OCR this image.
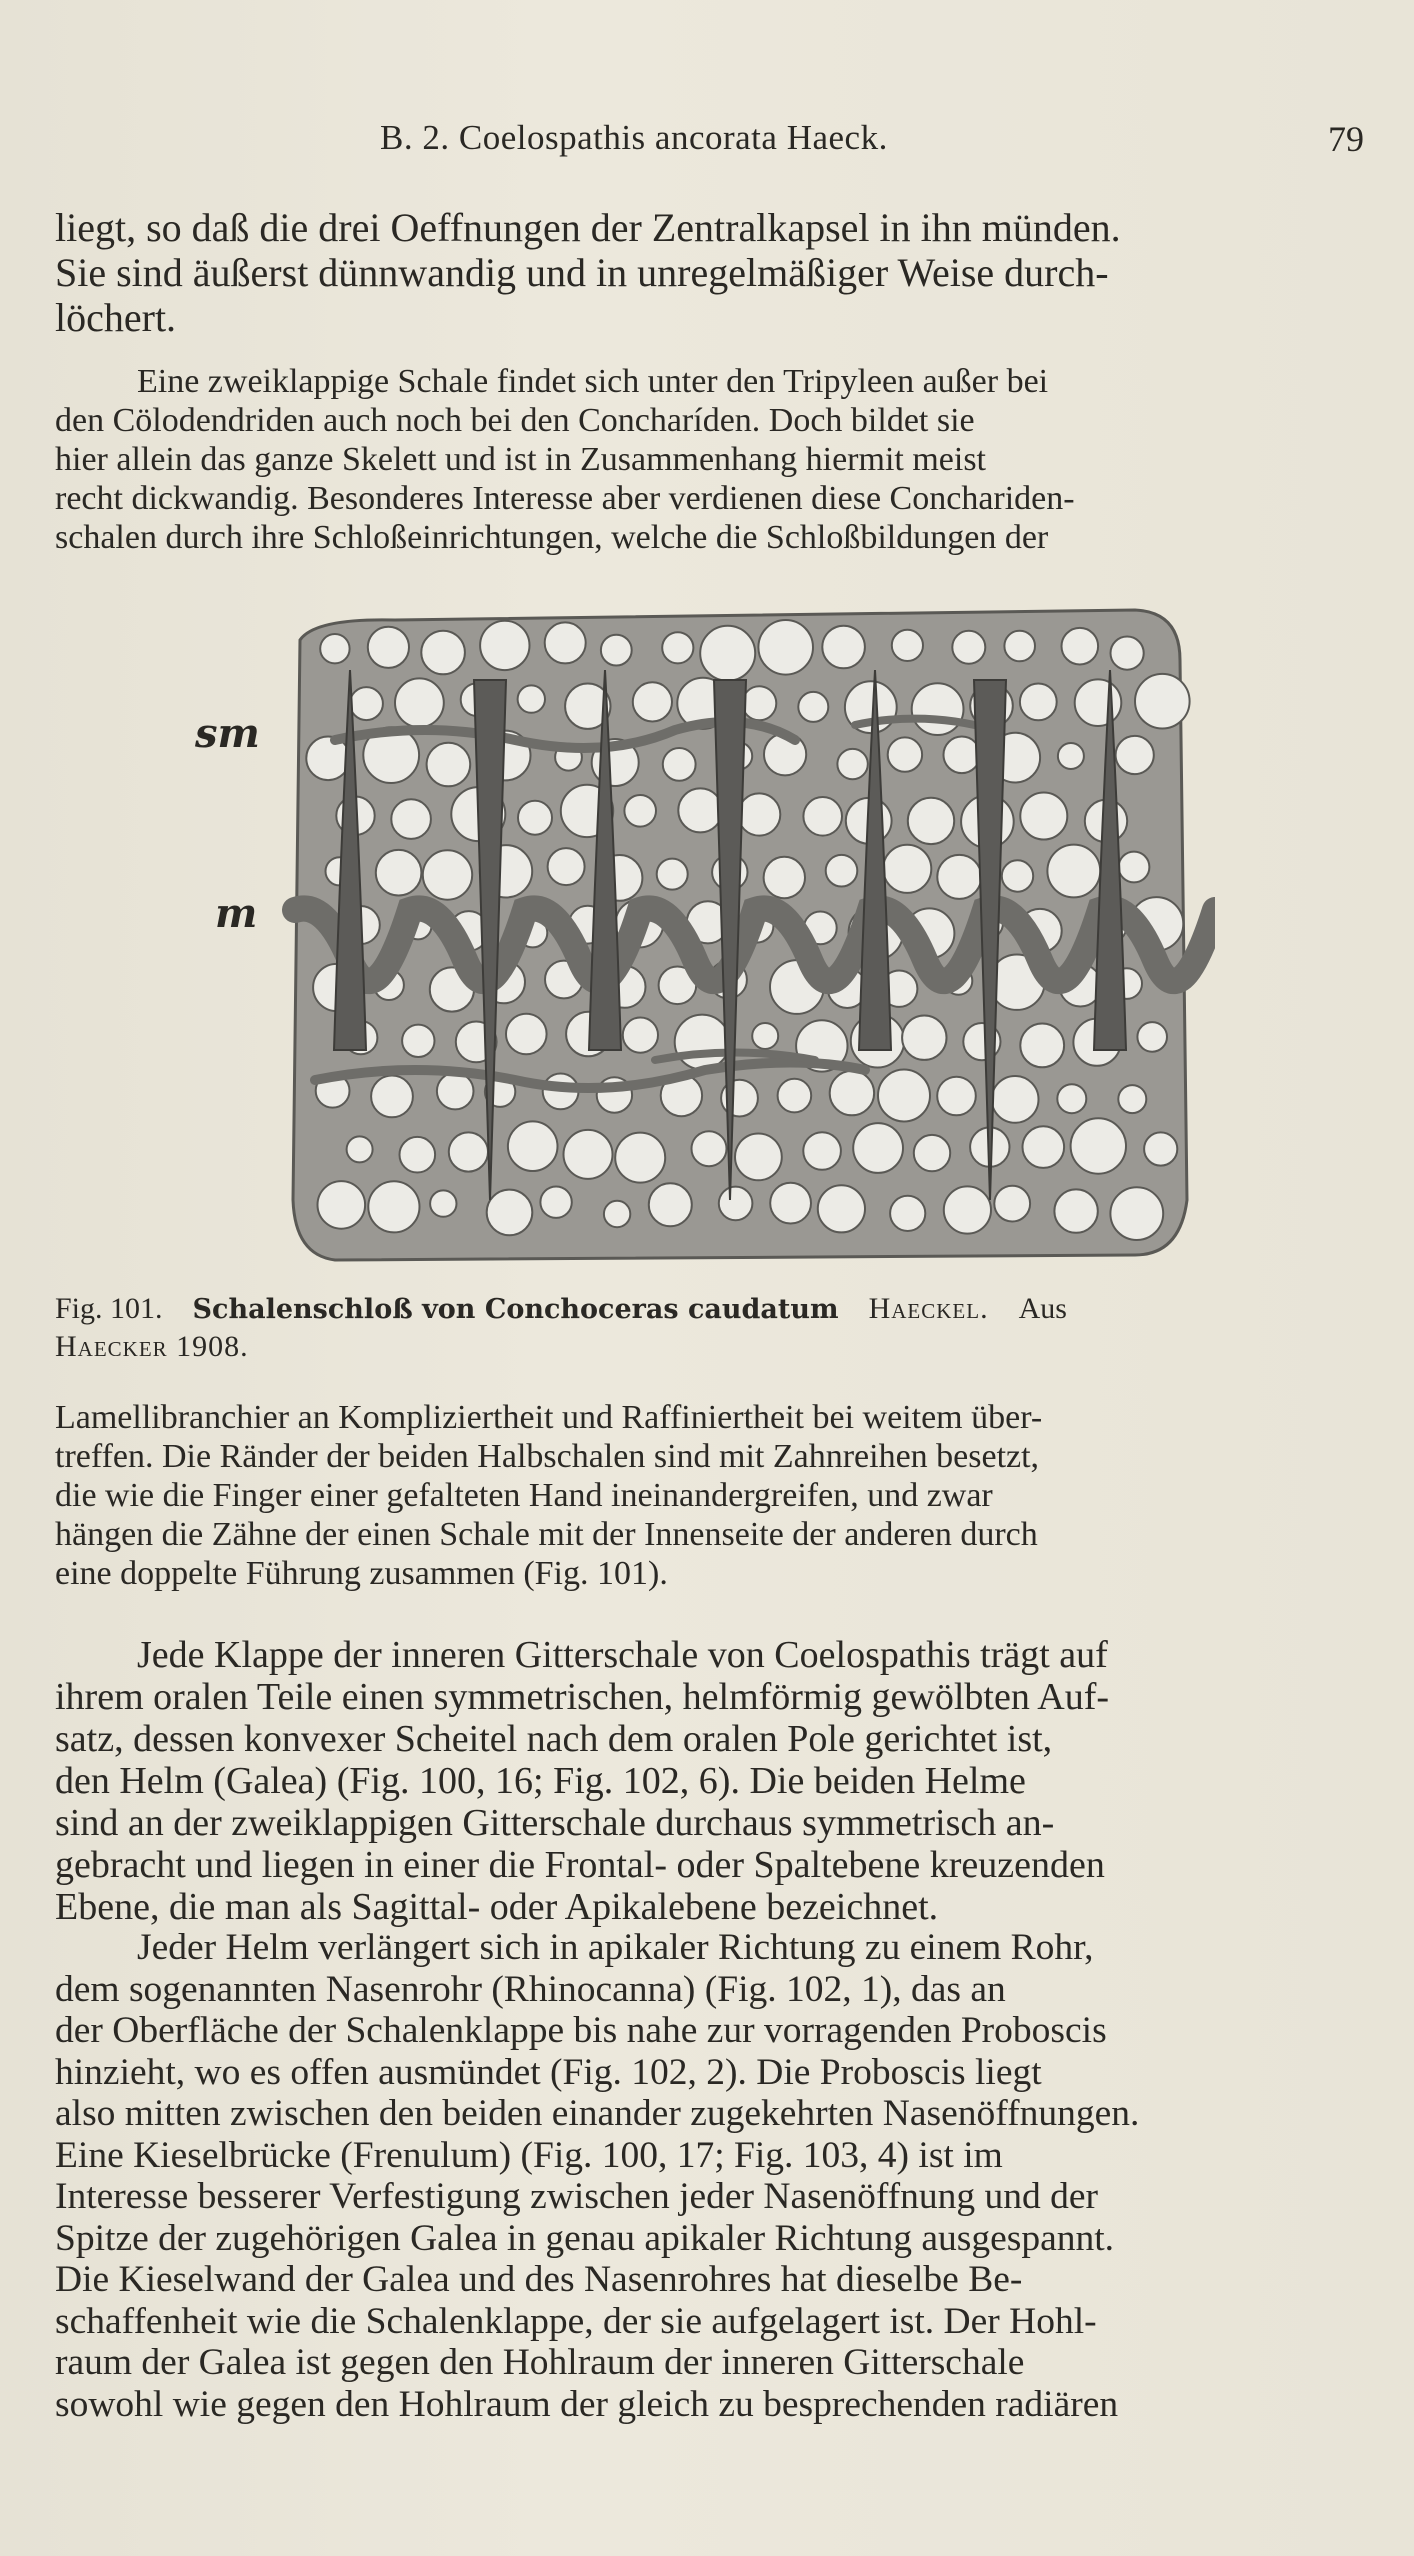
B. 2. Coelospathis ancorata Haeck.	79

liegt, so daß die drei Oeffnungen der Zentralkapsel in ihn münden.
Sie sind äußerst dünnwandig und in unregelmäßiger Weise durch-
löchert.

Eine zweiklappige Schale findet sich unter den Tripyleen außer bei
den Cölodendriden auch noch bei den Concharíden. Doch bildet sie
hier allein das ganze Skelett und ist in Zusammenhang hiermit meist
recht dickwandig. Besonderes Interesse aber verdienen diese Conchariden-
schalen durch ihre Schloßeinrichtungen, welche die Schloßbildungen der

sm
m
Fig. 101. Schalenschloß von Conchoceras caudatum Haeckel. Aus
Haecker 1908.

Lamellibranchier an Kompliziertheit und Raffiniertheit bei weitem über-
treffen. Die Ränder der beiden Halbschalen sind mit Zahnreihen besetzt,
die wie die Finger einer gefalteten Hand ineinandergreifen, und zwar
hängen die Zähne der einen Schale mit der Innenseite der anderen durch
eine doppelte Führung zusammen (Fig. 101).

Jede Klappe der inneren Gitterschale von Coelospathis trägt auf
ihrem oralen Teile einen symmetrischen, helmförmig gewölbten Auf-
satz, dessen konvexer Scheitel nach dem oralen Pole gerichtet ist,
den Helm (Galea) (Fig. 100, 16; Fig. 102, 6). Die beiden Helme
sind an der zweiklappigen Gitterschale durchaus symmetrisch an-
gebracht und liegen in einer die Frontal- oder Spaltebene kreuzenden
Ebene, die man als Sagittal- oder Apikalebene bezeichnet.

Jeder Helm verlängert sich in apikaler Richtung zu einem Rohr,
dem sogenannten Nasenrohr (Rhinocanna) (Fig. 102, 1), das an
der Oberfläche der Schalenklappe bis nahe zur vorragenden Proboscis
hinzieht, wo es offen ausmündet (Fig. 102, 2). Die Proboscis liegt
also mitten zwischen den beiden einander zugekehrten Nasenöffnungen.
Eine Kieselbrücke (Frenulum) (Fig. 100, 17; Fig. 103, 4) ist im
Interesse besserer Verfestigung zwischen jeder Nasenöffnung und der
Spitze der zugehörigen Galea in genau apikaler Richtung ausgespannt.
Die Kieselwand der Galea und des Nasenrohres hat dieselbe Be-
schaffenheit wie die Schalenklappe, der sie aufgelagert ist. Der Hohl-
raum der Galea ist gegen den Hohlraum der inneren Gitterschale
sowohl wie gegen den Hohlraum der gleich zu besprechenden radiären
